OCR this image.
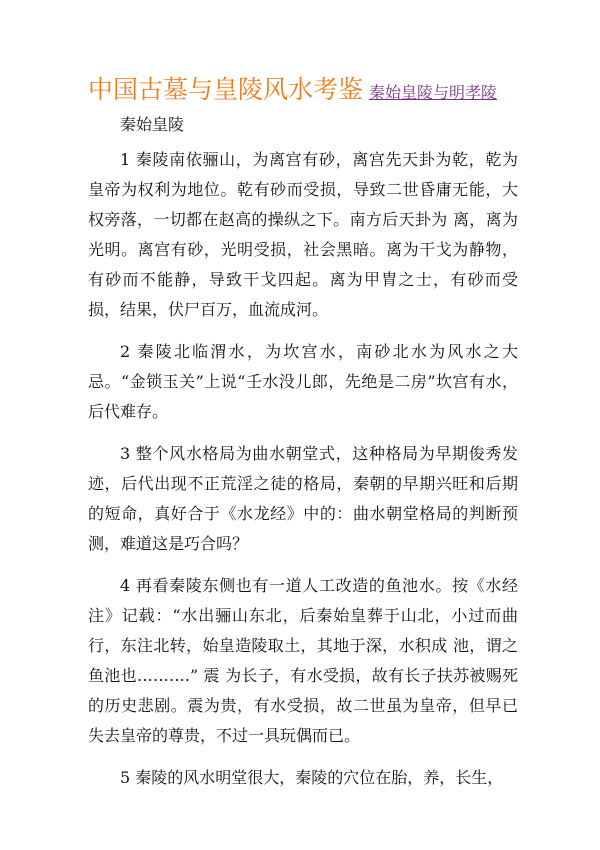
中国古墓与皇陵风水考鉴 秦始皇陵与明孝陵
秦始皇陵

1 秦陵南依骊山，为离宫有砂，离宫先天卦为乾，乾为皇帝为权利为地位。乾有砂而受损，导致二世昏庸无能，大权旁落，一切都在赵高的操纵之下。南方后天卦为 离，离为光明。离宫有砂，光明受损，社会黑暗。离为干戈为静物，有砂而不能静，导致干戈四起。离为甲胄之士，有砂而受损，结果，伏尸百万，血流成河。

2 秦陵北临渭水，为坎宫水，南砂北水为风水之大忌。“金锁玉关”上说“壬水没儿郎，先绝是二房”坎宫有水，后代难存。

3 整个风水格局为曲水朝堂式，这种格局为早期俊秀发迹，后代出现不正荒淫之徒的格局，秦朝的早期兴旺和后期的短命，真好合于《水龙经》中的：曲水朝堂格局的判断预测，难道这是巧合吗？

4 再看秦陵东侧也有一道人工改造的鱼池水。按《水经注》记载：“水出骊山东北，后秦始皇葬于山北，小过而曲行，东注北转，始皇造陵取土，其地于深，水积成 池，谓之鱼池也……….” 震 为长子，有水受损，故有长子扶苏被赐死的历史悲剧。震为贵，有水受损，故二世虽为皇帝，但早已失去皇帝的尊贵，不过一具玩偶而已。

5 秦陵的风水明堂很大，秦陵的穴位在胎，养，长生，
